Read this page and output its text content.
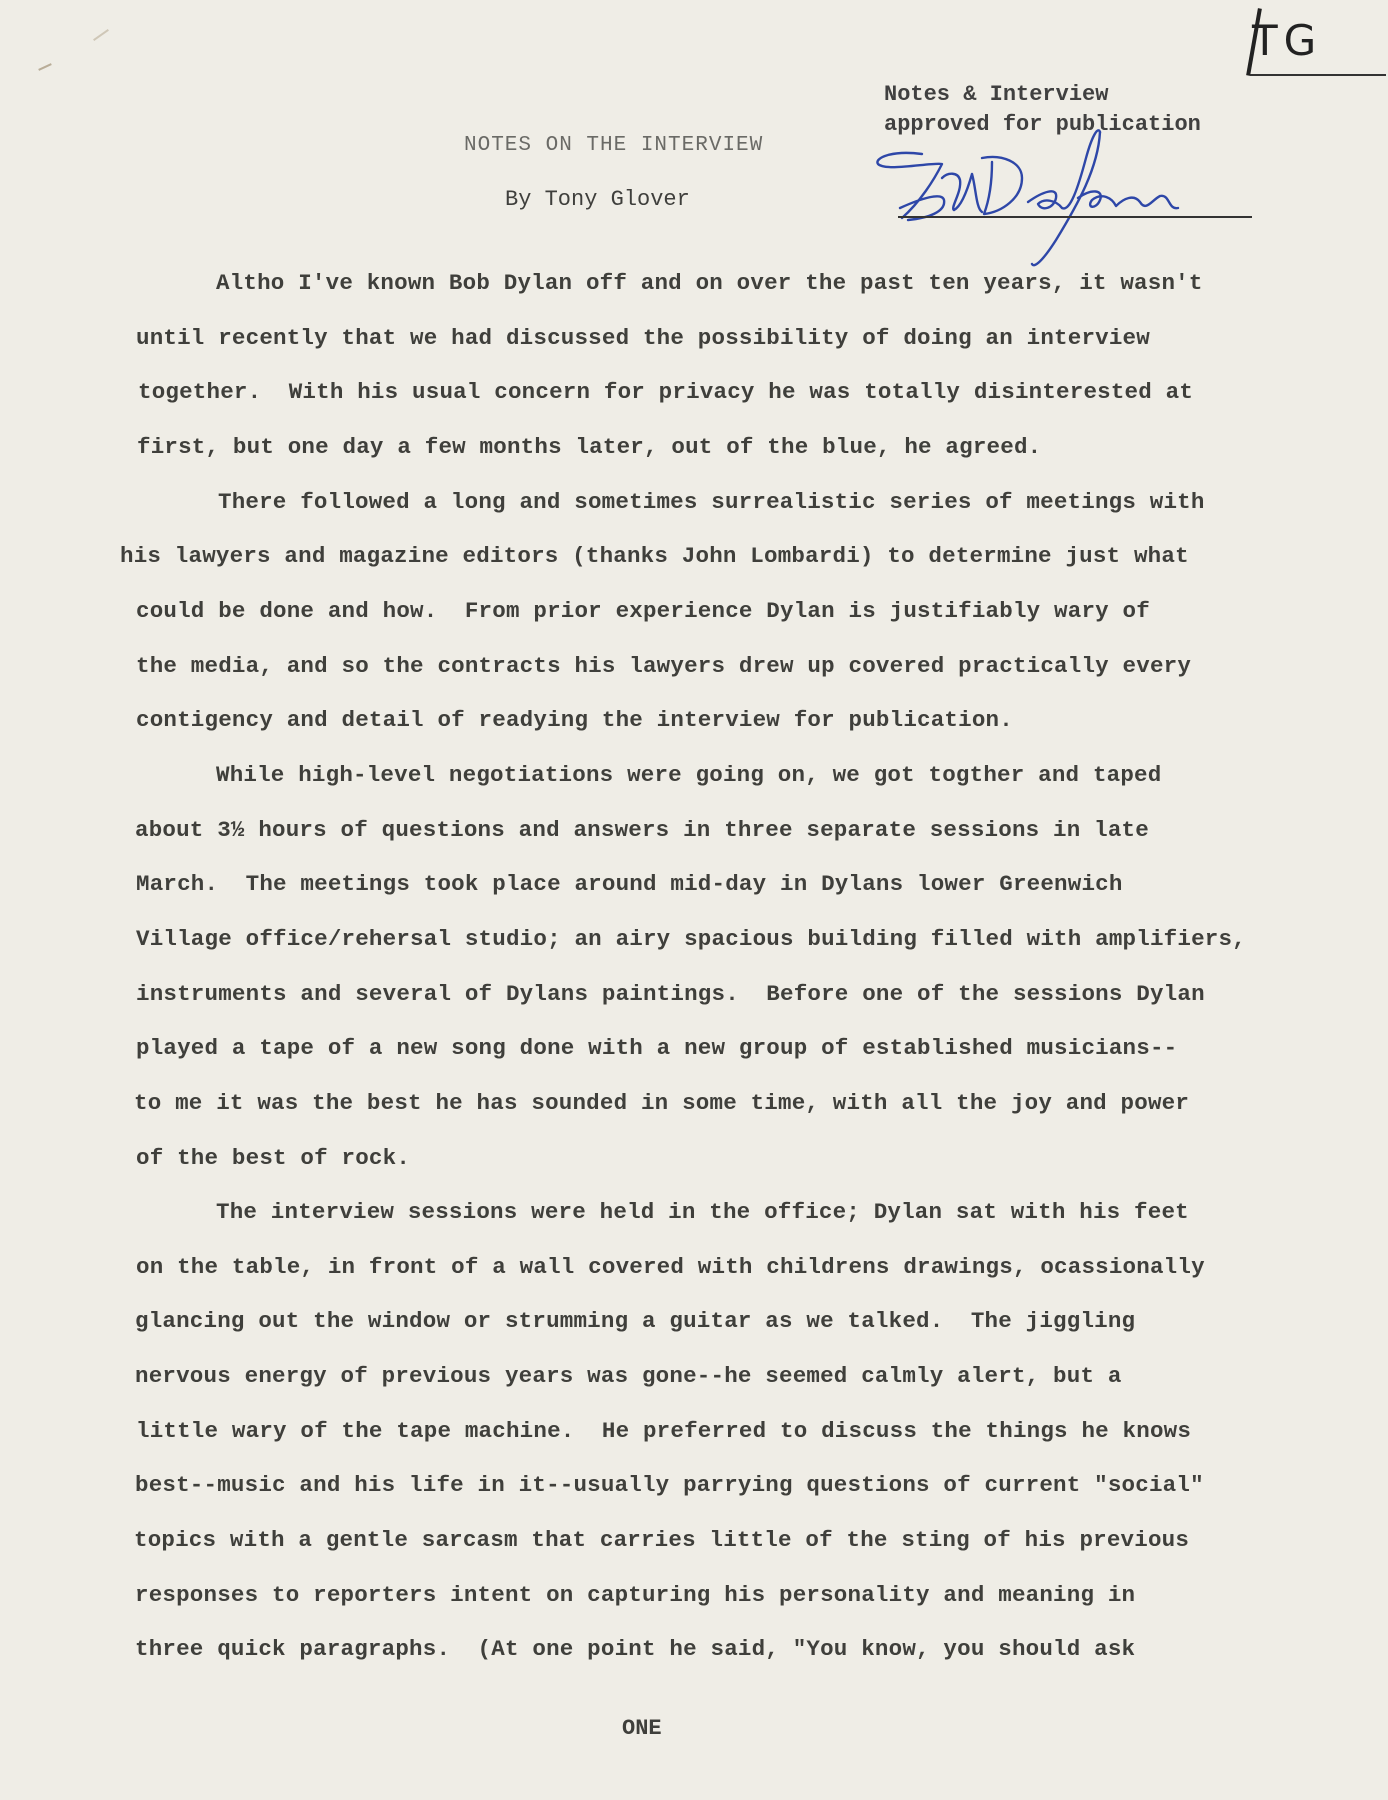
TG
Notes & Interview
approved for publication
NOTES ON THE INTERVIEW
By Tony Glover
Altho I've known Bob Dylan off and on over the past ten years, it wasn't
until recently that we had discussed the possibility of doing an interview
together.  With his usual concern for privacy he was totally disinterested at
first, but one day a few months later, out of the blue, he agreed.
There followed a long and sometimes surrealistic series of meetings with
his lawyers and magazine editors (thanks John Lombardi) to determine just what
could be done and how.  From prior experience Dylan is justifiably wary of
the media, and so the contracts his lawyers drew up covered practically every
contigency and detail of readying the interview for publication.
While high-level negotiations were going on, we got togther and taped
about 3½ hours of questions and answers in three separate sessions in late
March.  The meetings took place around mid-day in Dylans lower Greenwich
Village office/rehersal studio; an airy spacious building filled with amplifiers,
instruments and several of Dylans paintings.  Before one of the sessions Dylan
played a tape of a new song done with a new group of established musicians--
to me it was the best he has sounded in some time, with all the joy and power
of the best of rock.
The interview sessions were held in the office; Dylan sat with his feet
on the table, in front of a wall covered with childrens drawings, ocassionally
glancing out the window or strumming a guitar as we talked.  The jiggling
nervous energy of previous years was gone--he seemed calmly alert, but a
little wary of the tape machine.  He preferred to discuss the things he knows
best--music and his life in it--usually parrying questions of current "social"
topics with a gentle sarcasm that carries little of the sting of his previous
responses to reporters intent on capturing his personality and meaning in
three quick paragraphs.  (At one point he said, "You know, you should ask
ONE
